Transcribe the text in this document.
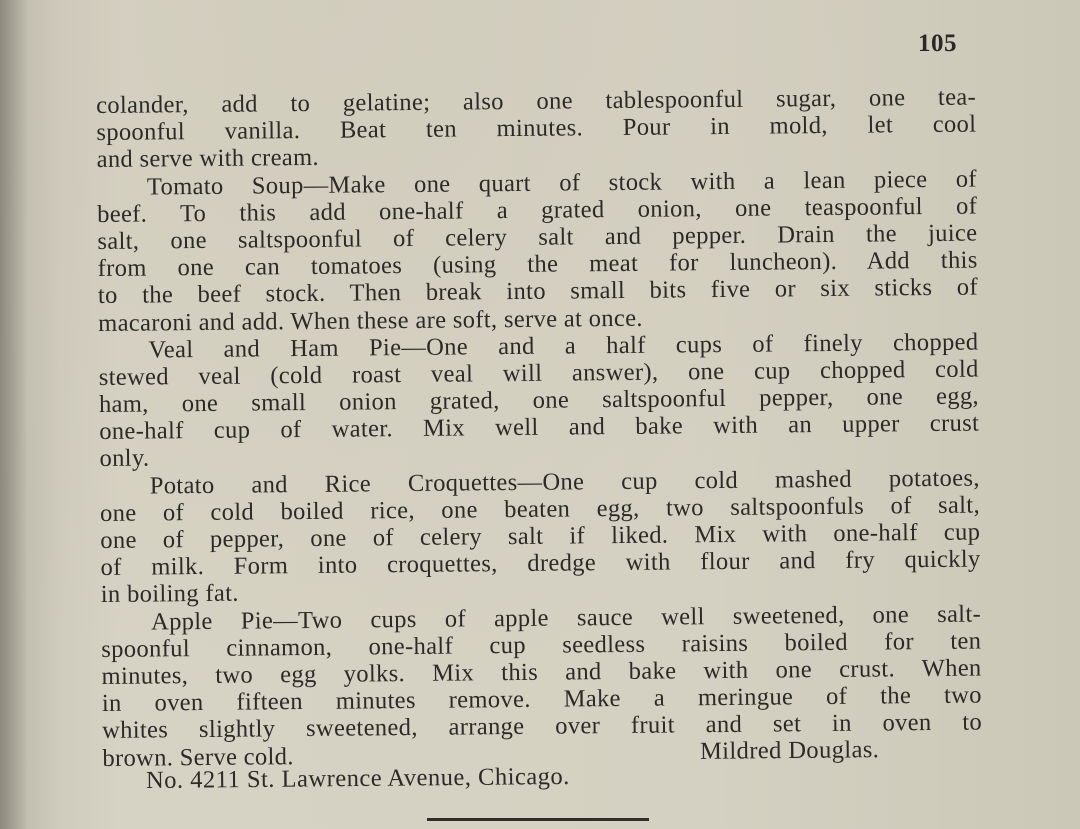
105
colander, add to gelatine; also one tablespoonful sugar, one tea-
spoonful vanilla. Beat ten minutes. Pour in mold, let cool
and serve with cream.
Tomato Soup—Make one quart of stock with a lean piece of
beef. To this add one-half a grated onion, one teaspoonful of
salt, one saltspoonful of celery salt and pepper. Drain the juice
from one can tomatoes (using the meat for luncheon). Add this
to the beef stock. Then break into small bits five or six sticks of
macaroni and add. When these are soft, serve at once.
Veal and Ham Pie—One and a half cups of finely chopped
stewed veal (cold roast veal will answer), one cup chopped cold
ham, one small onion grated, one saltspoonful pepper, one egg,
one-half cup of water. Mix well and bake with an upper crust
only.
Potato and Rice Croquettes—One cup cold mashed potatoes,
one of cold boiled rice, one beaten egg, two saltspoonfuls of salt,
one of pepper, one of celery salt if liked. Mix with one-half cup
of milk. Form into croquettes, dredge with flour and fry quickly
in boiling fat.
Apple Pie—Two cups of apple sauce well sweetened, one salt-
spoonful cinnamon, one-half cup seedless raisins boiled for ten
minutes, two egg yolks. Mix this and bake with one crust. When
in oven fifteen minutes remove. Make a meringue of the two
whites slightly sweetened, arrange over fruit and set in oven to
brown. Serve cold.	Mildred Douglas.
No. 4211 St. Lawrence Avenue, Chicago.
